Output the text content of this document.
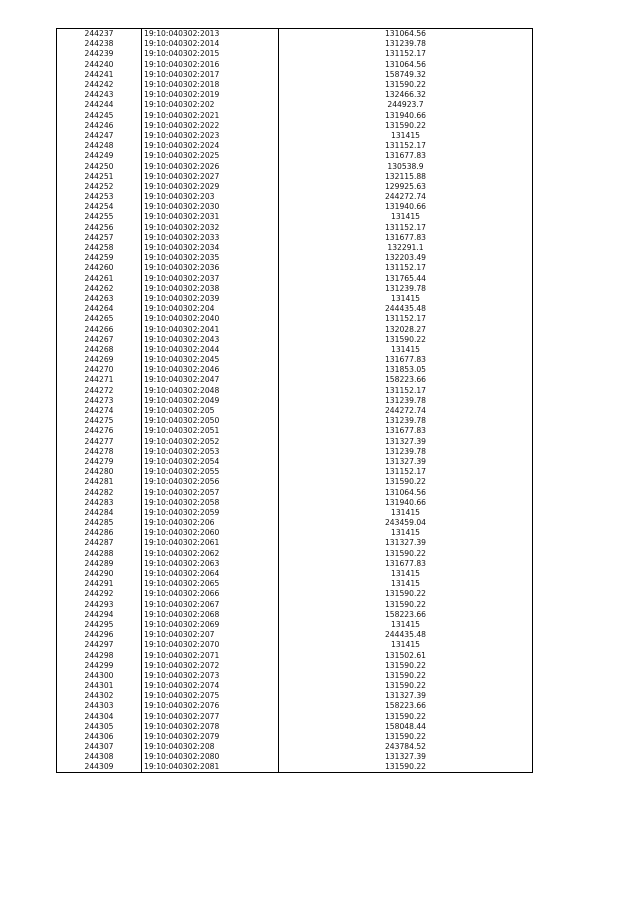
244237	19:10:040302:2013	131064.56
244238	19:10:040302:2014	131239.78
244239	19:10:040302:2015	131152.17
244240	19:10:040302:2016	131064.56
244241	19:10:040302:2017	158749.32
244242	19:10:040302:2018	131590.22
244243	19:10:040302:2019	132466.32
244244	19:10:040302:202	244923.7
244245	19:10:040302:2021	131940.66
244246	19:10:040302:2022	131590.22
244247	19:10:040302:2023	131415
244248	19:10:040302:2024	131152.17
244249	19:10:040302:2025	131677.83
244250	19:10:040302:2026	130538.9
244251	19:10:040302:2027	132115.88
244252	19:10:040302:2029	129925.63
244253	19:10:040302:203	244272.74
244254	19:10:040302:2030	131940.66
244255	19:10:040302:2031	131415
244256	19:10:040302:2032	131152.17
244257	19:10:040302:2033	131677.83
244258	19:10:040302:2034	132291.1
244259	19:10:040302:2035	132203.49
244260	19:10:040302:2036	131152.17
244261	19:10:040302:2037	131765.44
244262	19:10:040302:2038	131239.78
244263	19:10:040302:2039	131415
244264	19:10:040302:204	244435.48
244265	19:10:040302:2040	131152.17
244266	19:10:040302:2041	132028.27
244267	19:10:040302:2043	131590.22
244268	19:10:040302:2044	131415
244269	19:10:040302:2045	131677.83
244270	19:10:040302:2046	131853.05
244271	19:10:040302:2047	158223.66
244272	19:10:040302:2048	131152.17
244273	19:10:040302:2049	131239.78
244274	19:10:040302:205	244272.74
244275	19:10:040302:2050	131239.78
244276	19:10:040302:2051	131677.83
244277	19:10:040302:2052	131327.39
244278	19:10:040302:2053	131239.78
244279	19:10:040302:2054	131327.39
244280	19:10:040302:2055	131152.17
244281	19:10:040302:2056	131590.22
244282	19:10:040302:2057	131064.56
244283	19:10:040302:2058	131940.66
244284	19:10:040302:2059	131415
244285	19:10:040302:206	243459.04
244286	19:10:040302:2060	131415
244287	19:10:040302:2061	131327.39
244288	19:10:040302:2062	131590.22
244289	19:10:040302:2063	131677.83
244290	19:10:040302:2064	131415
244291	19:10:040302:2065	131415
244292	19:10:040302:2066	131590.22
244293	19:10:040302:2067	131590.22
244294	19:10:040302:2068	158223.66
244295	19:10:040302:2069	131415
244296	19:10:040302:207	244435.48
244297	19:10:040302:2070	131415
244298	19:10:040302:2071	131502.61
244299	19:10:040302:2072	131590.22
244300	19:10:040302:2073	131590.22
244301	19:10:040302:2074	131590.22
244302	19:10:040302:2075	131327.39
244303	19:10:040302:2076	158223.66
244304	19:10:040302:2077	131590.22
244305	19:10:040302:2078	158048.44
244306	19:10:040302:2079	131590.22
244307	19:10:040302:208	243784.52
244308	19:10:040302:2080	131327.39
244309	19:10:040302:2081	131590.22
